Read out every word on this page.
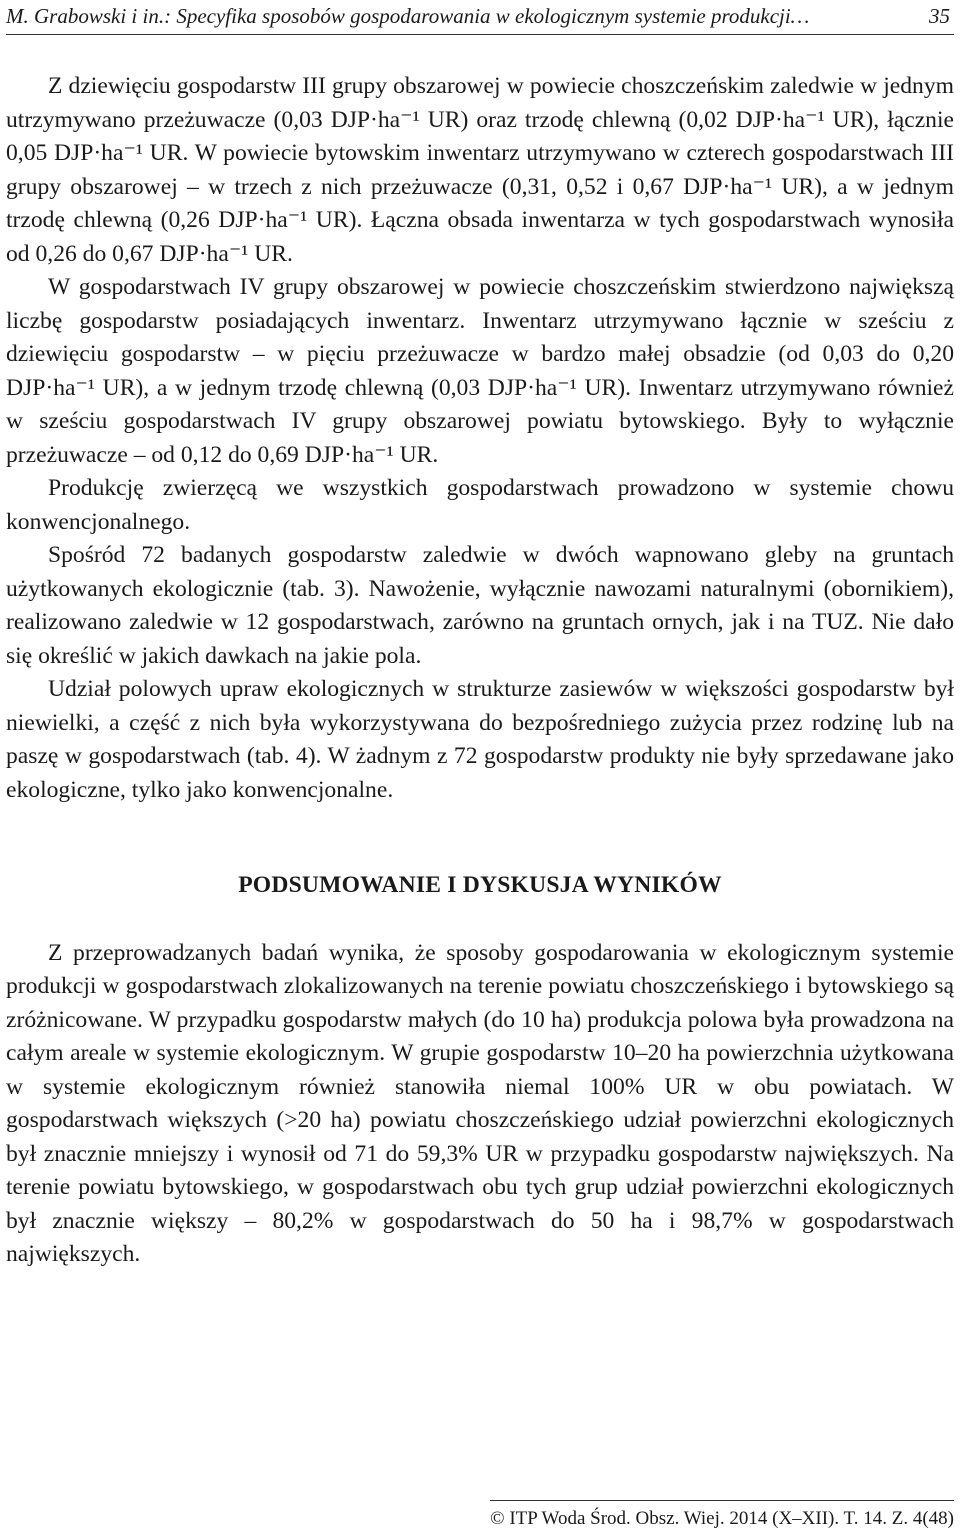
M. Grabowski i in.: Specyfika sposobów gospodarowania w ekologicznym systemie produkcji…	35

Z dziewięciu gospodarstw III grupy obszarowej w powiecie choszczeńskim zaledwie w jednym utrzymywano przeżuwacze (0,03 DJP·ha⁻¹ UR) oraz trzodę chlewną (0,02 DJP·ha⁻¹ UR), łącznie 0,05 DJP·ha⁻¹ UR. W powiecie bytowskim inwentarz utrzymywano w czterech gospodarstwach III grupy obszarowej – w trzech z nich przeżuwacze (0,31, 0,52 i 0,67 DJP·ha⁻¹ UR), a w jednym trzodę chlewną (0,26 DJP·ha⁻¹ UR). Łączna obsada inwentarza w tych gospodarstwach wynosiła od 0,26 do 0,67 DJP·ha⁻¹ UR.

W gospodarstwach IV grupy obszarowej w powiecie choszczeńskim stwierdzono największą liczbę gospodarstw posiadających inwentarz. Inwentarz utrzymywano łącznie w sześciu z dziewięciu gospodarstw – w pięciu przeżuwacze w bardzo małej obsadzie (od 0,03 do 0,20 DJP·ha⁻¹ UR), a w jednym trzodę chlewną (0,03 DJP·ha⁻¹ UR). Inwentarz utrzymywano również w sześciu gospodarstwach IV grupy obszarowej powiatu bytowskiego. Były to wyłącznie przeżuwacze – od 0,12 do 0,69 DJP·ha⁻¹ UR.

Produkcję zwierzęcą we wszystkich gospodarstwach prowadzono w systemie chowu konwencjonalnego.

Spośród 72 badanych gospodarstw zaledwie w dwóch wapnowano gleby na gruntach użytkowanych ekologicznie (tab. 3). Nawożenie, wyłącznie nawozami naturalnymi (obornikiem), realizowano zaledwie w 12 gospodarstwach, zarówno na gruntach ornych, jak i na TUZ. Nie dało się określić w jakich dawkach na jakie pola.

Udział polowych upraw ekologicznych w strukturze zasiewów w większości gospodarstw był niewielki, a część z nich była wykorzystywana do bezpośredniego zużycia przez rodzinę lub na paszę w gospodarstwach (tab. 4). W żadnym z 72 gospodarstw produkty nie były sprzedawane jako ekologiczne, tylko jako konwencjonalne.

PODSUMOWANIE I DYSKUSJA WYNIKÓW

Z przeprowadzanych badań wynika, że sposoby gospodarowania w ekologicznym systemie produkcji w gospodarstwach zlokalizowanych na terenie powiatu choszczeńskiego i bytowskiego są zróżnicowane. W przypadku gospodarstw małych (do 10 ha) produkcja polowa była prowadzona na całym areale w systemie ekologicznym. W grupie gospodarstw 10–20 ha powierzchnia użytkowana w systemie ekologicznym również stanowiła niemal 100% UR w obu powiatach. W gospodarstwach większych (>20 ha) powiatu choszczeńskiego udział powierzchni ekologicznych był znacznie mniejszy i wynosił od 71 do 59,3% UR w przypadku gospodarstw największych. Na terenie powiatu bytowskiego, w gospodarstwach obu tych grup udział powierzchni ekologicznych był znacznie większy – 80,2% w gospodarstwach do 50 ha i 98,7% w gospodarstwach największych.

© ITP Woda Środ. Obsz. Wiej. 2014 (X–XII). T. 14. Z. 4(48)
